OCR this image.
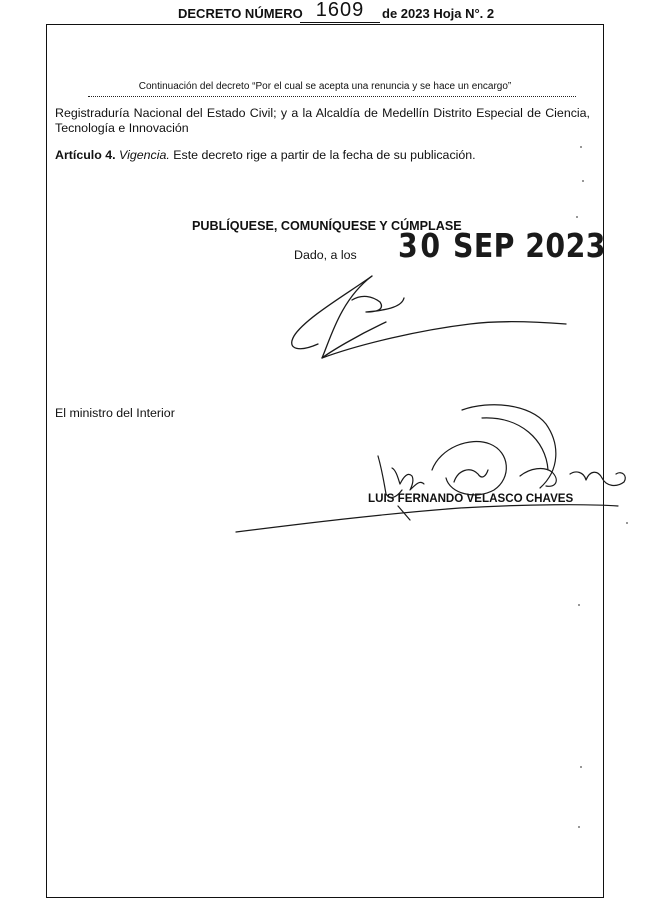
DECRETO NÚMERO 1609	de 2023 Hoja N°. 2
Continuación del decreto “Por el cual se acepta una renuncia y se hace un encargo”
Registraduría Nacional del Estado Civil; y a la Alcaldía de Medellín Distrito Especial de Ciencia,
Tecnología e Innovación
Artículo 4. Vigencia. Este decreto rige a partir de la fecha de su publicación.
PUBLÍQUESE, COMUNÍQUESE Y CÚMPLASE
Dado, a los 30 SEP 2023
El ministro del Interior
LUIS FERNANDO VELASCO CHAVES
